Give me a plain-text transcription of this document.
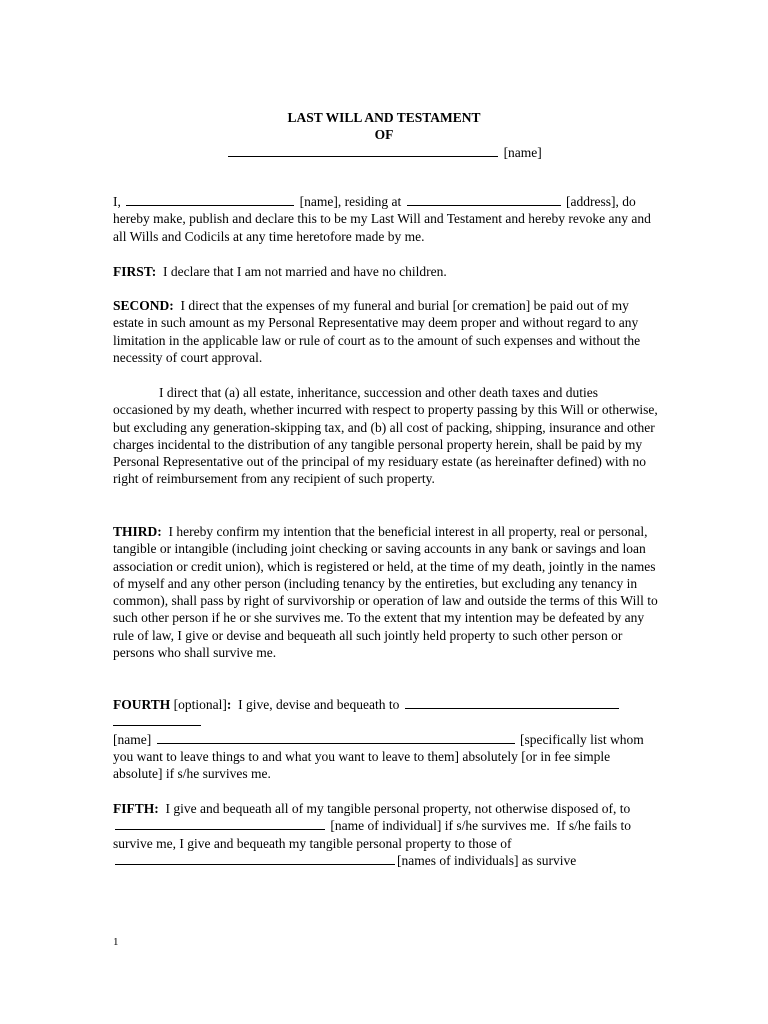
LAST WILL AND TESTAMENT
OF
[name]

I,	[name], residing at	[address], do hereby make, publish and declare this to be my Last Will and Testament and hereby revoke any and all Wills and Codicils at any time heretofore made by me.

FIRST: I declare that I am not married and have no children.

SECOND: I direct that the expenses of my funeral and burial [or cremation] be paid out of my estate in such amount as my Personal Representative may deem proper and without regard to any limitation in the applicable law or rule of court as to the amount of such expenses and without the necessity of court approval.

I direct that (a) all estate, inheritance, succession and other death taxes and duties occasioned by my death, whether incurred with respect to property passing by this Will or otherwise, but excluding any generation-skipping tax, and (b) all cost of packing, shipping, insurance and other charges incidental to the distribution of any tangible personal property herein, shall be paid by my Personal Representative out of the principal of my residuary estate (as hereinafter defined) with no right of reimbursement from any recipient of such property.

THIRD: I hereby confirm my intention that the beneficial interest in all property, real or personal, tangible or intangible (including joint checking or saving accounts in any bank or savings and loan association or credit union), which is registered or held, at the time of my death, jointly in the names of myself and any other person (including tenancy by the entireties, but excluding any tenancy in common), shall pass by right of survivorship or operation of law and outside the terms of this Will to such other person if he or she survives me. To the extent that my intention may be defeated by any rule of law, I give or devise and bequeath all such jointly held property to such other person or persons who shall survive me.

FOURTH [optional]: I give, devise and bequeath to

[name]	[specifically list whom you want to leave things to and what you want to leave to them] absolutely [or in fee simple absolute] if s/he survives me.

FIFTH: I give and bequeath all of my tangible personal property, not otherwise disposed of, to  [name of individual] if s/he survives me. If s/he fails to survive me, I give and bequeath my tangible personal property to those of [names of individuals] as survive

1
